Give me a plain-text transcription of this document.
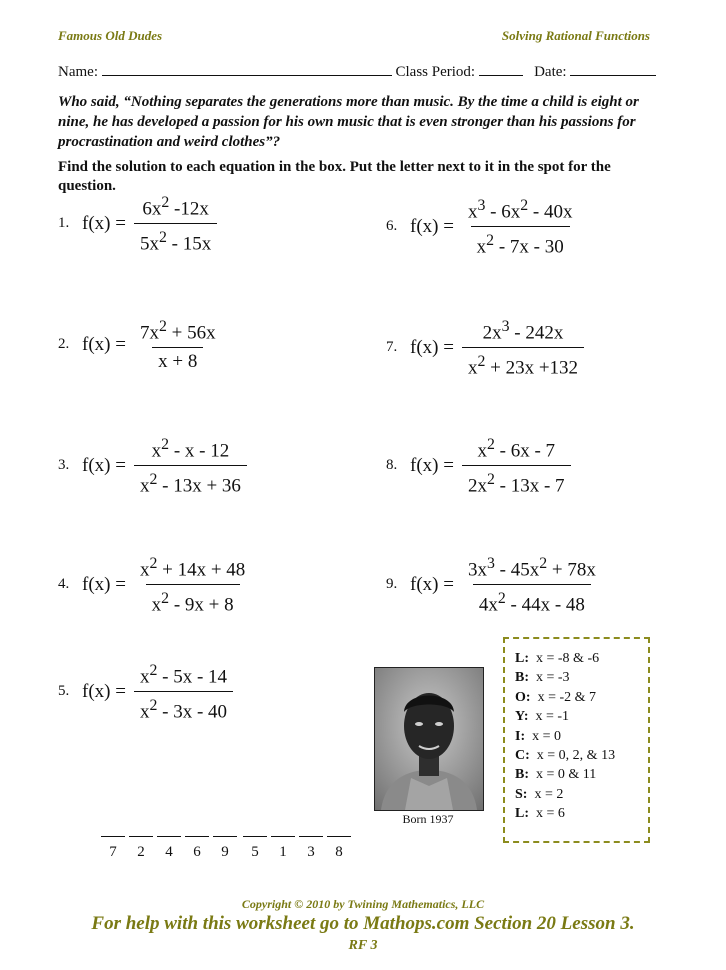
Famous Old Dudes	Solving Rational Functions
Name:	Class Period:	Date:
Who said, “Nothing separates the generations more than music. By the time a child is eight or nine, he has developed a passion for his own music that is even stronger than his passions for procrastination and weird clothes”?
Find the solution to each equation in the box. Put the letter next to it in the spot for the question.
1. $f(x) = \frac{6x^2 -12x}{5x^2 - 15x}$
2. $f(x) = \frac{7x^2 + 56x}{x + 8}$
3. $f(x) = \frac{x^2 - x - 12}{x^2 - 13x + 36}$
4. $f(x) = \frac{x^2 + 14x + 48}{x^2 - 9x + 8}$
5. $f(x) = \frac{x^2 - 5x - 14}{x^2 - 3x - 40}$
6. $f(x) = \frac{x^3 - 6x^2 - 40x}{x^2 - 7x - 30}$
7. $f(x) = \frac{2x^3 - 242x}{x^2 + 23x +132}$
8. $f(x) = \frac{x^2 - 6x - 7}{2x^2 - 13x - 7}$
9. $f(x) = \frac{3x^3 - 45x^2 + 78x}{4x^2 - 44x - 48}$
Born 1937
L: x = -8 & -6
B: x = -3
O: x = -2 & 7
Y: x = -1
I: x = 0
C: x = 0, 2, & 13
B: x = 0 & 11
S: x = 2
L: x = 6
7	2	4	6	9	5	1	3	8
Copyright © 2010 by Twining Mathematics, LLC
For help with this worksheet go to Mathops.com Section 20 Lesson 3.
RF 3
